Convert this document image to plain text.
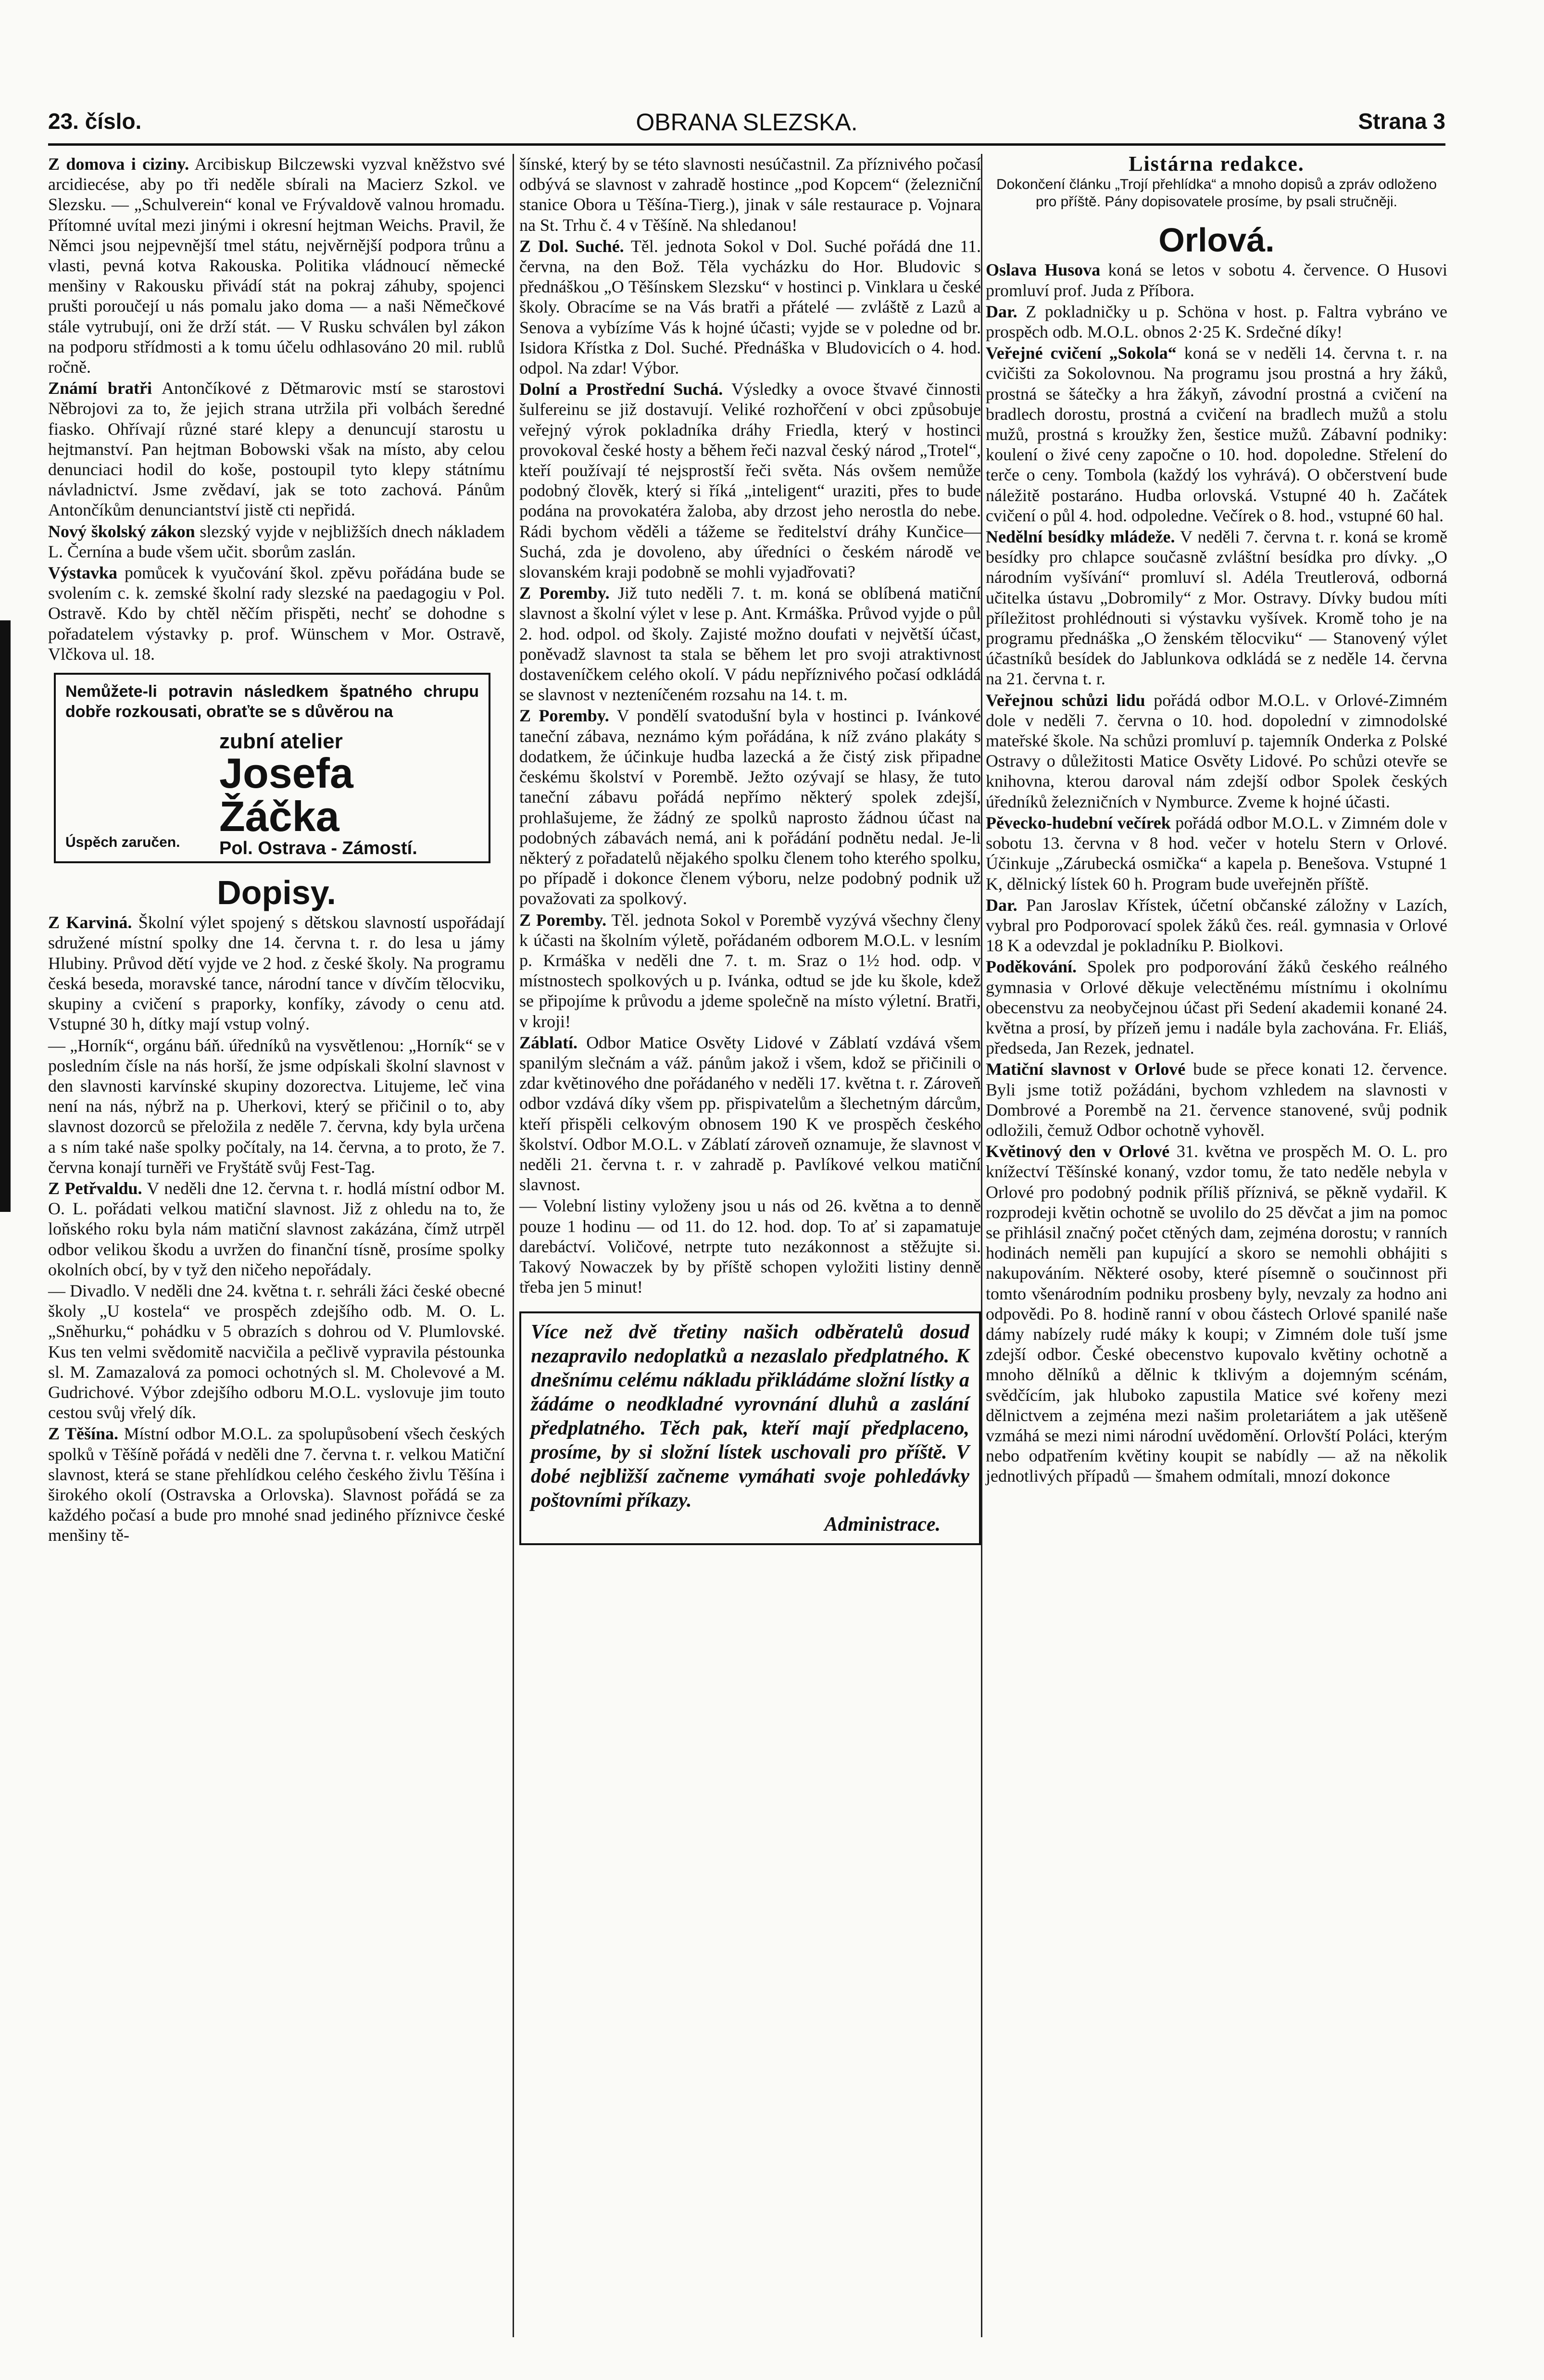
23. číslo.	OBRANA SLEZSKA.	Strana 3

Z domova i ciziny. Arcibiskup Bilczewski vyzval kněžstvo své arcidiecése, aby po tři neděle sbírali na Macierz Szkol. ve Slezsku. — „Schulverein“ konal ve Frývaldově valnou hromadu. Přítomné uvítal mezi jinými i okresní hejtman Weichs. Pravil, že Němci jsou nejpevnější tmel státu, nejvěrnější podpora trůnu a vlasti, pevná kotva Rakouska. Politika vládnoucí německé menšiny v Rakousku přivádí stát na pokraj záhuby, spojenci prušti poroučejí u nás pomalu jako doma — a naši Němečkové stále vytrubují, oni že drží stát. — V Rusku schválen byl zákon na podporu střídmosti a k tomu účelu odhlasováno 20 mil. rublů ročně.

Známí bratři Antončíkové z Dětmarovic mstí se starostovi Něbrojovi za to, že jejich strana utržila při volbách šeredné fiasko. Ohřívají různé staré klepy a denuncují starostu u hejtmanství. Pan hejtman Bobowski však na místo, aby celou denunciaci hodil do koše, postoupil tyto klepy státnímu návladnictví. Jsme zvědaví, jak se toto zachová. Pánům Antončíkům denunciantství jistě cti nepřidá.

Nový školský zákon slezský vyjde v nejbližších dnech nákladem L. Černína a bude všem učit. sborům zaslán.

Výstavka pomůcek k vyučování škol. zpěvu pořádána bude se svolením c. k. zemské školní rady slezské na paedagogiu v Pol. Ostravě. Kdo by chtěl něčím přispěti, nechť se dohodne s pořadatelem výstavky p. prof. Wünschem v Mor. Ostravě, Vlčkova ul. 18.

Nemůžete-li potravin následkem špatného chrupu dobře rozkousati, obraťte se s důvěrou na
zubní atelier
Josefa Žáčka
Pol. Ostrava - Zámostí.
Úspěch zaručen.
Dopisy.

Z Karviná. Školní výlet spojený s dětskou slavností uspořádají sdružené místní spolky dne 14. června t. r. do lesa u jámy Hlubiny. Průvod dětí vyjde ve 2 hod. z české školy. Na programu česká beseda, moravské tance, národní tance v dívčím tělocviku, skupiny a cvičení s praporky, konfíky, závody o cenu atd. Vstupné 30 h, dítky mají vstup volný.

— „Horník“, orgánu báň. úředníků na vysvětlenou: „Horník“ se v posledním čísle na nás horší, že jsme odpískali školní slavnost v den slavnosti karvínské skupiny dozorectva. Litujeme, leč vina není na nás, nýbrž na p. Uherkovi, který se přičinil o to, aby slavnost dozorců se přeložila z neděle 7. června, kdy byla určena a s ním také naše spolky počítaly, na 14. června, a to proto, že 7. června konají turněři ve Fryštátě svůj Fest-Tag.

Z Petřvaldu. V neděli dne 12. června t. r. hodlá místní odbor M. O. L. pořádati velkou matiční slavnost. Již z ohledu na to, že loňského roku byla nám matiční slavnost zakázána, čímž utrpěl odbor velikou škodu a uvržen do finanční tísně, prosíme spolky okolních obcí, by v tyž den ničeho nepořádaly.

— Divadlo. V neděli dne 24. května t. r. sehráli žáci české obecné školy „U kostela“ ve prospěch zdejšího odb. M. O. L. „Sněhurku,“ pohádku v 5 obrazích s dohrou od V. Plumlovské. Kus ten velmi svědomitě nacvičila a pečlivě vypravila péstounka sl. M. Zamazalová za pomoci ochotných sl. M. Cholevové a M. Gudrichové. Výbor zdejšího odboru M.O.L. vyslovuje jim touto cestou svůj vřelý dík.

Z Těšína. Místní odbor M.O.L. za spolupůsobení všech českých spolků v Těšíně pořádá v neděli dne 7. června t. r. velkou Matiční slavnost, která se stane přehlídkou celého českého živlu Těšína i širokého okolí (Ostravska a Orlovska). Slavnost pořádá se za každého počasí a bude pro mnohé snad jediného příznivce české menšiny tě-

šínské, který by se této slavnosti nesúčastnil. Za příznivého počasí odbývá se slavnost v zahradě hostince „pod Kopcem“ (železniční stanice Obora u Těšína-Tierg.), jinak v sále restaurace p. Vojnara na St. Trhu č. 4 v Těšíně. Na shledanou!

Z Dol. Suché. Těl. jednota Sokol v Dol. Suché pořádá dne 11. června, na den Bož. Těla vycházku do Hor. Bludovic s přednáškou „O Těšínskem Slezsku“ v hostinci p. Vinklara u české školy. Obracíme se na Vás bratři a přátelé — zvláště z Lazů a Senova a vybízíme Vás k hojné účasti; vyjde se v poledne od br. Isidora Křístka z Dol. Suché. Přednáška v Bludovicích o 4. hod. odpol. Na zdar! Výbor.

Dolní a Prostřední Suchá. Výsledky a ovoce štvavé činnosti šulfereinu se již dostavují. Veliké rozhořčení v obci způsobuje veřejný výrok pokladníka dráhy Friedla, který v hostinci provokoval české hosty a během řeči nazval český národ „Trotel“, kteří používají té nejsprostší řeči světa. Nás ovšem nemůže podobný člověk, který si říká „inteligent“ uraziti, přes to bude podána na provokatéra žaloba, aby drzost jeho nerostla do nebe. Rádi bychom věděli a tážeme se ředitelství dráhy Kunčice— Suchá, zda je dovoleno, aby úředníci o českém národě ve slovanském kraji podobně se mohli vyjadřovati?

Z Poremby. Již tuto neděli 7. t. m. koná se oblíbená matiční slavnost a školní výlet v lese p. Ant. Krmáška. Průvod vyjde o půl 2. hod. odpol. od školy. Zajisté možno doufati v největší účast, poněvadž slavnost ta stala se během let pro svoji atraktivnost dostaveníčkem celého okolí. V pádu nepříznivého počasí odkládá se slavnost v nezteníčeném rozsahu na 14. t. m.

Z Poremby. V pondělí svatodušní byla v hostinci p. Ivánkové taneční zábava, neznámo kým pořádána, k níž zváno plakáty s dodatkem, že účinkuje hudba lazecká a že čistý zisk připadne českému školství v Porembě. Ježto ozývají se hlasy, že tuto taneční zábavu pořádá nepřímo některý spolek zdejší, prohlašujeme, že žádný ze spolků naprosto žádnou účast na podobných zábavách nemá, ani k pořádání podnětu nedal. Je-li některý z pořadatelů nějakého spolku členem toho kterého spolku, po případě i dokonce členem výboru, nelze podobný podnik už považovati za spolkový.

Z Poremby. Těl. jednota Sokol v Porembě vyzývá všechny členy k účasti na školním výletě, pořádaném odborem M.O.L. v lesním p. Krmáška v neděli dne 7. t. m. Sraz o 1½ hod. odp. v místnostech spolkových u p. Ivánka, odtud se jde ku škole, kdež se připojíme k průvodu a jdeme společně na místo výletní. Bratři, v kroji!

Záblatí. Odbor Matice Osvěty Lidové v Záblatí vzdává všem spanilým slečnám a váž. pánům jakož i všem, kdož se přičinili o zdar květinového dne pořádaného v neděli 17. května t. r. Zároveň odbor vzdává díky všem pp. přispivatelům a šlechetným dárcům, kteří přispěli celkovým obnosem 190 K ve prospěch českého školství. Odbor M.O.L. v Záblatí zároveň oznamuje, že slavnost v neděli 21. června t. r. v zahradě p. Pavlíkové velkou matiční slavnost.

— Volební listiny vyloženy jsou u nás od 26. května a to denně pouze 1 hodinu — od 11. do 12. hod. dop. To ať si zapamatuje darebáctví. Voličové, netrpte tuto nezákonnost a stěžujte si. Takový Nowaczek by by příště schopen vyložiti listiny denně třeba jen 5 minut!

Více než dvě třetiny našich odběratelů dosud nezapravilo nedoplatků a nezaslalo předplatného. K dnešnímu celému nákladu přikládáme složní lístky a žádáme o neodkladné vyrovnání dluhů a zaslání předplatného. Těch pak, kteří mají předplaceno, prosíme, by si složní lístek uschovali pro příště. V dobé nejbližší začneme vymáhati svoje pohledávky poštovními příkazy.
Administrace.
Listárna redakce.
Dokončení článku „Trojí přehlídka“ a mnoho dopisů a zpráv odloženo pro příště. Pány dopisovatele prosíme, by psali stručněji.
Orlová.

Oslava Husova koná se letos v sobotu 4. července. O Husovi promluví prof. Juda z Příbora.

Dar. Z pokladničky u p. Schöna v host. p. Faltra vybráno ve prospěch odb. M.O.L. obnos 2·25 K. Srdečné díky!

Veřejné cvičení „Sokola“ koná se v neděli 14. června t. r. na cvičišti za Sokolovnou. Na programu jsou prostná a hry žáků, prostná se šátečky a hra žákyň, závodní prostná a cvičení na bradlech dorostu, prostná a cvičení na bradlech mužů a stolu mužů, prostná s kroužky žen, šestice mužů. Zábavní podniky: koulení o živé ceny započne o 10. hod. dopoledne. Střelení do terče o ceny. Tombola (každý los vyhrává). O občerstvení bude náležitě postaráno. Hudba orlovská. Vstupné 40 h. Začátek cvičení o půl 4. hod. odpoledne. Večírek o 8. hod., vstupné 60 hal.

Nedělní besídky mládeže. V neděli 7. června t. r. koná se kromě besídky pro chlapce současně zvláštní besídka pro dívky. „O národním vyšívání“ promluví sl. Adéla Treutlerová, odborná učitelka ústavu „Dobromily“ z Mor. Ostravy. Dívky budou míti příležitost prohlédnouti si výstavku vyšívek. Kromě toho je na programu přednáška „O ženském tělocviku“ — Stanovený výlet účastníků besídek do Jablunkova odkládá se z neděle 14. června na 21. června t. r.

Veřejnou schůzi lidu pořádá odbor M.O.L. v Orlové-Zimném dole v neděli 7. června o 10. hod. dopolední v zimnodolské mateřské škole. Na schůzi promluví p. tajemník Onderka z Polské Ostravy o důležitosti Matice Osvěty Lidové. Po schůzi otevře se knihovna, kterou daroval nám zdejší odbor Spolek českých úředníků železničních v Nymburce. Zveme k hojné účasti.

Pěvecko-hudební večírek pořádá odbor M.O.L. v Zimném dole v sobotu 13. června v 8 hod. večer v hotelu Stern v Orlové. Účinkuje „Zárubecká osmička“ a kapela p. Benešova. Vstupné 1 K, dělnický lístek 60 h. Program bude uveřejněn příště.

Dar. Pan Jaroslav Křístek, účetní občanské záložny v Lazích, vybral pro Podporovací spolek žáků čes. reál. gymnasia v Orlové 18 K a odevzdal je pokladníku P. Biolkovi.

Poděkování. Spolek pro podporování žáků českého reálného gymnasia v Orlové děkuje velectěnému místnímu i okolnímu obecenstvu za neobyčejnou účast při Sedení akademii konané 24. května a prosí, by přízeň jemu i nadále byla zachována. Fr. Eliáš, předseda, Jan Rezek, jednatel.

Matiční slavnost v Orlové bude se přece konati 12. července. Byli jsme totiž požádáni, bychom vzhledem na slavnosti v Dombrové a Porembě na 21. července stanovené, svůj podnik odložili, čemuž Odbor ochotně vyhověl.

Květinový den v Orlové 31. května ve prospěch M. O. L. pro knížectví Těšínské konaný, vzdor tomu, že tato neděle nebyla v Orlové pro podobný podnik příliš příznivá, se pěkně vydařil. K rozprodeji květin ochotně se uvolilo do 25 děvčat a jim na pomoc se přihlásil značný počet ctěných dam, zejména dorostu; v ranních hodinách neměli pan kupující a skoro se nemohli obhájiti s nakupováním. Některé osoby, které písemně o součinnost při tomto všenárodním podniku prosbeny byly, nevzaly za hodno ani odpovědi. Po 8. hodině ranní v obou částech Orlové spanilé naše dámy nabízely rudé máky k koupi; v Zimném dole tuší jsme zdejší odbor. České obecenstvo kupovalo květiny ochotně a mnoho dělníků a dělnic k tklivým a dojemným scénám, svědčícím, jak hluboko zapustila Matice své kořeny mezi dělnictvem a zejména mezi našim proletariátem a jak utěšeně vzmáhá se mezi nimi národní uvědomění. Orlovští Poláci, kterým nebo odpatřením květiny koupit se nabídly — až na několik jednotlivých případů — šmahem odmítali, mnozí dokonce
